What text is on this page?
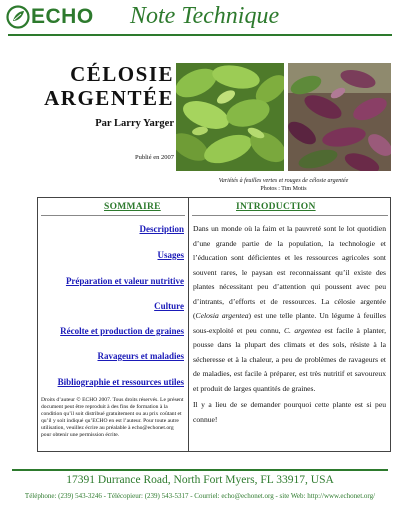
ECHO Note Technique
CÉLOSIE
ARGENTÉE
Par Larry Yarger
Publié en 2007
Variétés à feuilles vertes et rouges de célosie argentée
Photos : Tim Motis
SOMMAIRE	INTRODUCTION
Description
Usages
Préparation et valeur nutritive
Culture
Récolte et production de graines
Ravageurs et maladies
Bibliographie et ressources utiles
Droits d’auteur © ECHO 2007. Tous droits réservés. Le présent document peut être reproduit à des fins de formation à la condition qu’il soit distribué gratuitement ou au prix coûtant et qu’il y soit indiqué qu’ECHO en est l’auteur. Pour toute autre utilisation, veuillez écrire au préalable à echo@echonet.org pour obtenir une permission écrite.

Dans un monde où la faim et la pauvreté sont le lot quotidien d’une grande partie de la population, la technologie et l’éducation sont déficientes et les ressources agricoles sont souvent rares, le paysan est reconnaissant qu’il existe des plantes nécessitant peu d’attention qui poussent avec peu d’intrants, d’efforts et de ressources. La célosie argentée (Celosia argentea) est une telle plante. Un légume à feuilles sous-exploité et peu connu, C. argentea est facile à planter, pousse dans la plupart des climats et des sols, résiste à la sécheresse et à la chaleur, a peu de problèmes de ravageurs et de maladies, est facile à préparer, est très nutritif et savoureux et produit de larges quantités de graines.

Il y a lieu de se demander pourquoi cette plante est si peu connue!

17391 Durrance Road, North Fort Myers, FL 33917, USA
Téléphone: (239) 543-3246 - Télécopieur: (239) 543-5317 - Courriel: echo@echonet.org - site Web: http://www.echonet.org/
